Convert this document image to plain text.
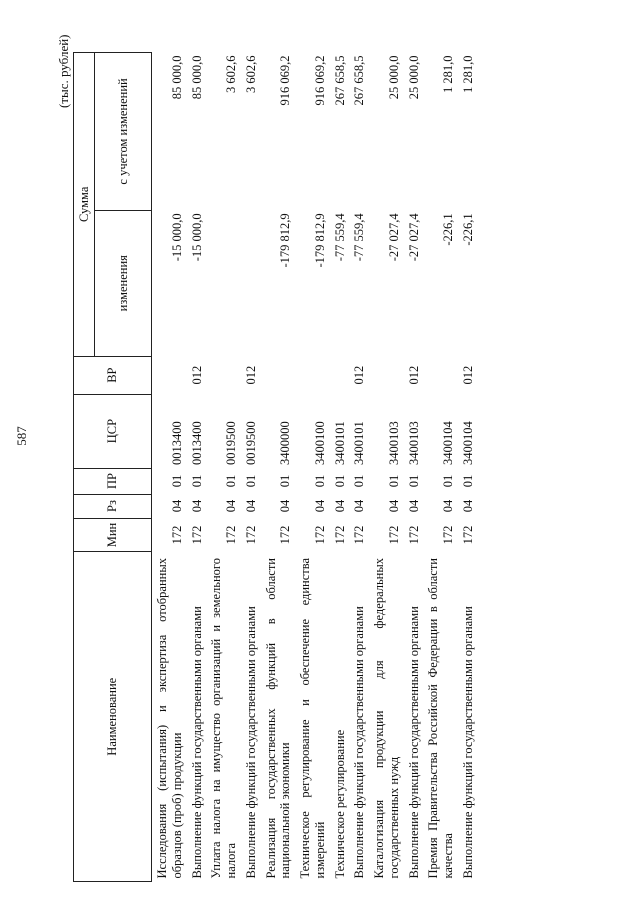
587
(тыс. рублей)
Наименование	Мин	Рз	ПР	ЦСР	ВР	Сумма	
						изменения	с учетом изменений
Исследования (испытания) и экспертиза отобранных образцов (проб) продукции	172	04	01	0013400		-15 000,0	85 000,0
Выполнение функций государственными органами	172	04	01	0013400	012	-15 000,0	85 000,0
Уплата налога на имущество организаций и земельного налога	172	04	01	0019500			3 602,6
Выполнение функций государственными органами	172	04	01	0019500	012		3 602,6
Реализация государственных функций в области национальной экономики	172	04	01	3400000		-179 812,9	916 069,2
Техническое регулирование и обеспечение единства измерений	172	04	01	3400100		-179 812,9	916 069,2
Техническое регулирование	172	04	01	3400101		-77 559,4	267 658,5
Выполнение функций государственными органами	172	04	01	3400101	012	-77 559,4	267 658,5
Каталогизация продукции для федеральных государственных нужд	172	04	01	3400103		-27 027,4	25 000,0
Выполнение функций государственными органами	172	04	01	3400103	012	-27 027,4	25 000,0
Премия Правительства Российской Федерации в области качества	172	04	01	3400104		-226,1	1 281,0
Выполнение функций государственными органами	172	04	01	3400104	012	-226,1	1 281,0
